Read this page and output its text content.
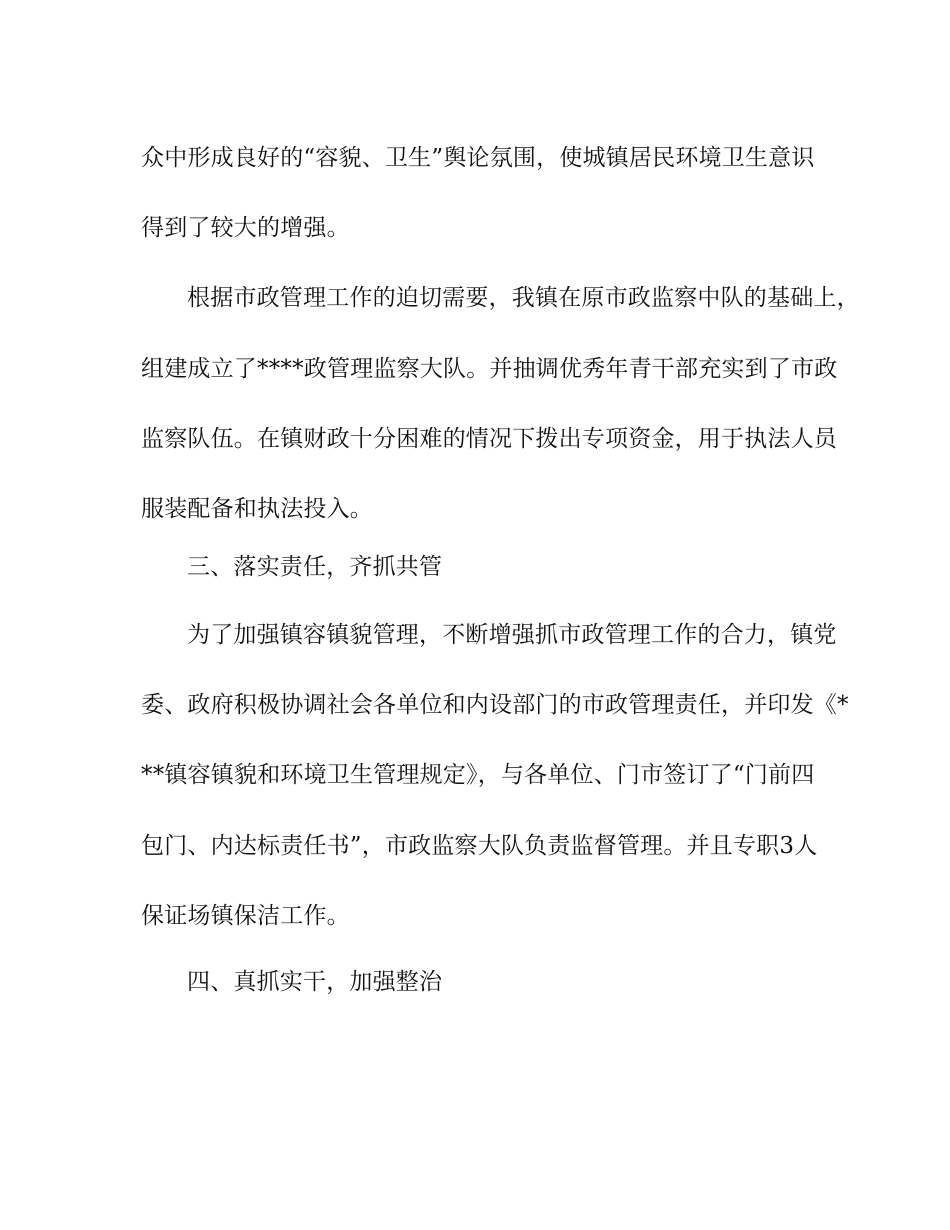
众中形成良好的“容貌、卫生”舆论氛围，使城镇居民环境卫生意识

得到了较大的增强。

根据市政管理工作的迫切需要，我镇在原市政监察中队的基础上，

组建成立了****政管理监察大队。并抽调优秀年青干部充实到了市政

监察队伍。在镇财政十分困难的情况下拨出专项资金，用于执法人员

服装配备和执法投入。

三、落实责任，齐抓共管

为了加强镇容镇貌管理，不断增强抓市政管理工作的合力，镇党

委、政府积极协调社会各单位和内设部门的市政管理责任，并印发《*

**镇容镇貌和环境卫生管理规定》，与各单位、门市签订了“门前四

包门、内达标责任书”，市政监察大队负责监督管理。并且专职3人

保证场镇保洁工作。

四、真抓实干，加强整治
